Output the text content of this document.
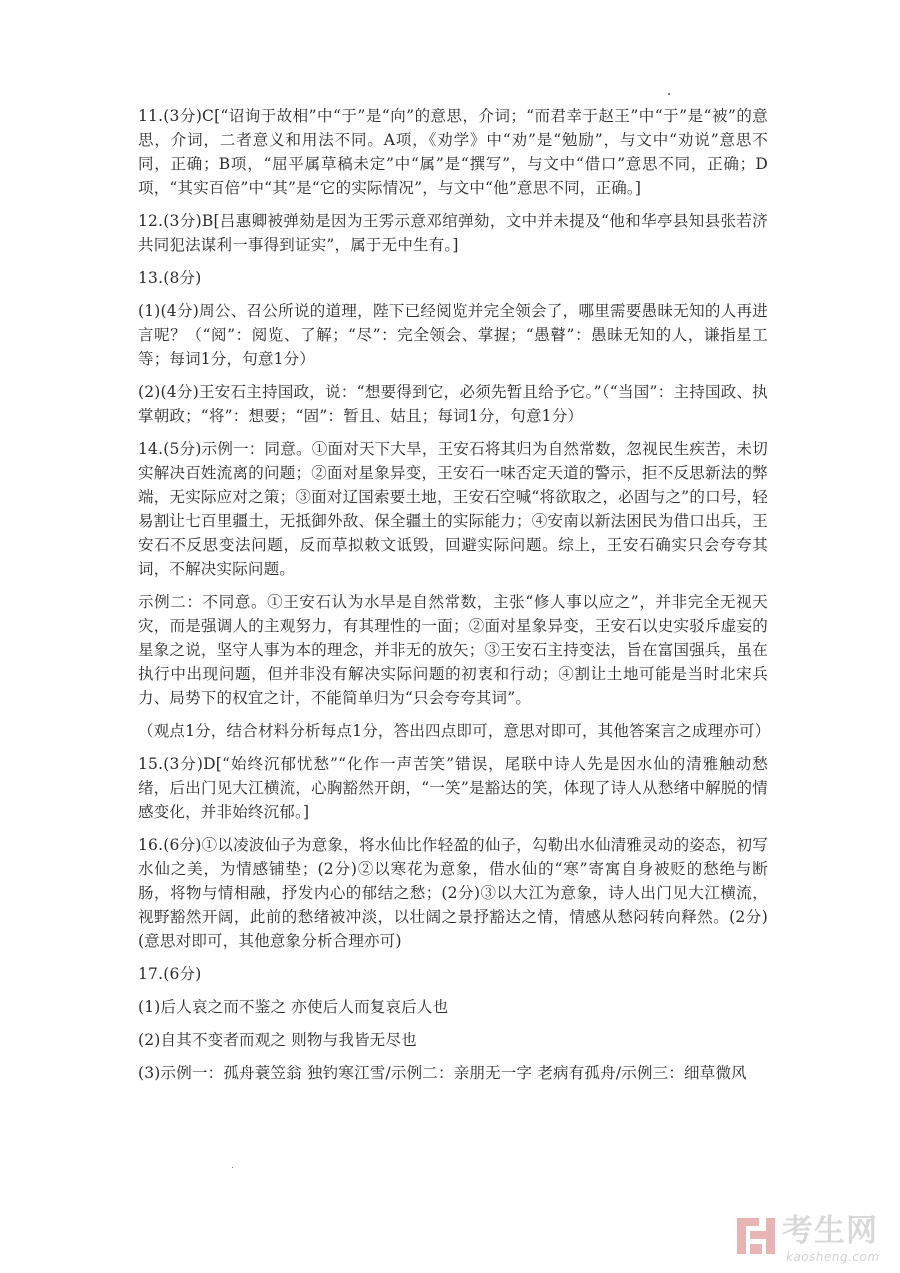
11.(3分)C[“诏询于故相”中“于”是“向”的意思，介词；“而君幸于赵王”中“于”是“被”的意思，介词，二者意义和用法不同。A项，《劝学》中“劝”是“勉励”，与文中“劝说”意思不同，正确；B项，“屈平属草稿未定”中“属”是“撰写”，与文中“借口”意思不同，正确；D项，“其实百倍”中“其”是“它的实际情况”，与文中“他”意思不同，正确。]

12.(3分)B[吕惠卿被弹劾是因为王雱示意邓绾弹劾，文中并未提及“他和华亭县知县张若济共同犯法谋利一事得到证实”，属于无中生有。]

13.(8分)

(1)(4分)周公、召公所说的道理，陛下已经阅览并完全领会了，哪里需要愚昧无知的人再进言呢？（“阅”：阅览、了解；“尽”：完全领会、掌握；“愚瞽”：愚昧无知的人，谦指星工等；每词1分，句意1分）

(2)(4分)王安石主持国政，说：“想要得到它，必须先暂且给予它。”（“当国”：主持国政、执掌朝政；“将”：想要；“固”：暂且、姑且；每词1分，句意1分）

14.(5分)示例一：同意。①面对天下大旱，王安石将其归为自然常数，忽视民生疾苦，未切实解决百姓流离的问题；②面对星象异变，王安石一味否定天道的警示，拒不反思新法的弊端，无实际应对之策；③面对辽国索要土地，王安石空喊“将欲取之，必固与之”的口号，轻易割让七百里疆土，无抵御外敌、保全疆土的实际能力；④安南以新法困民为借口出兵，王安石不反思变法问题，反而草拟敕文诋毁，回避实际问题。综上，王安石确实只会夸夸其词，不解决实际问题。

示例二：不同意。①王安石认为水旱是自然常数，主张“修人事以应之”，并非完全无视天灾，而是强调人的主观努力，有其理性的一面；②面对星象异变，王安石以史实驳斥虚妄的星象之说，坚守人事为本的理念，并非无的放矢；③王安石主持变法，旨在富国强兵，虽在执行中出现问题，但并非没有解决实际问题的初衷和行动；④割让土地可能是当时北宋兵力、局势下的权宜之计，不能简单归为“只会夸夸其词”。

（观点1分，结合材料分析每点1分，答出四点即可，意思对即可，其他答案言之成理亦可）

15.(3分)D[“始终沉郁忧愁”“化作一声苦笑”错误，尾联中诗人先是因水仙的清雅触动愁绪，后出门见大江横流，心胸豁然开朗，“一笑”是豁达的笑，体现了诗人从愁绪中解脱的情感变化，并非始终沉郁。]

16.(6分)①以凌波仙子为意象，将水仙比作轻盈的仙子，勾勒出水仙清雅灵动的姿态，初写水仙之美，为情感铺垫；(2分)②以寒花为意象，借水仙的“寒”寄寓自身被贬的愁绝与断肠，将物与情相融，抒发内心的郁结之愁；(2分)③以大江为意象，诗人出门见大江横流，视野豁然开阔，此前的愁绪被冲淡，以壮阔之景抒豁达之情，情感从愁闷转向释然。(2分)(意思对即可，其他意象分析合理亦可)

17.(6分)

(1)后人哀之而不鉴之 亦使后人而复哀后人也

(2)自其不变者而观之 则物与我皆无尽也

(3)示例一：孤舟蓑笠翁 独钓寒江雪/示例二：亲朋无一字 老病有孤舟/示例三：细草微风

考生网
kaosheng.com
